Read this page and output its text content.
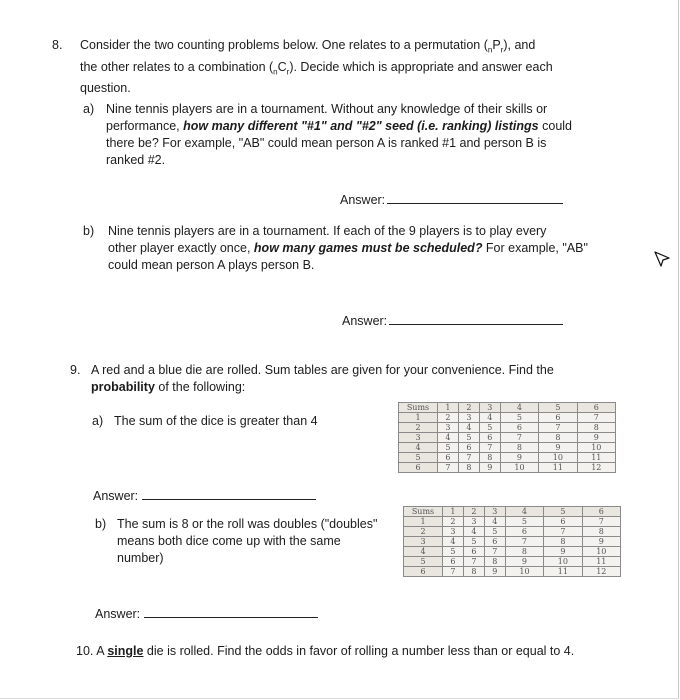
8. Consider the two counting problems below. One relates to a permutation $(_nP_r)$, and
the other relates to a combination $(_nC_r)$. Decide which is appropriate and answer each
question.
a) Nine tennis players are in a tournament. Without any knowledge of their skills or
performance, how many different "#1" and "#2" seed (i.e. ranking) listings could
there be? For example, "AB" could mean person A is ranked #1 and person B is
ranked #2.
Answer:
b) Nine tennis players are in a tournament. If each of the 9 players is to play every
other player exactly once, how many games must be scheduled? For example, "AB"
could mean person A plays person B.
Answer:
9. A red and a blue die are rolled. Sum tables are given for your convenience. Find the
probability of the following:
a) The sum of the dice is greater than 4
Answer:
b) The sum is 8 or the roll was doubles ("doubles"
means both dice come up with the same
number)
Answer:
Sums	1	2	3	4	5	6
1	2	3	4	5	6	7
2	3	4	5	6	7	8
3	4	5	6	7	8	9
4	5	6	7	8	9	10
5	6	7	8	9	10	11
6	7	8	9	10	11	12
Sums	1	2	3	4	5	6
1	2	3	4	5	6	7
2	3	4	5	6	7	8
3	4	5	6	7	8	9
4	5	6	7	8	9	10
5	6	7	8	9	10	11
6	7	8	9	10	11	12
10. A single die is rolled. Find the odds in favor of rolling a number less than or equal to 4.
